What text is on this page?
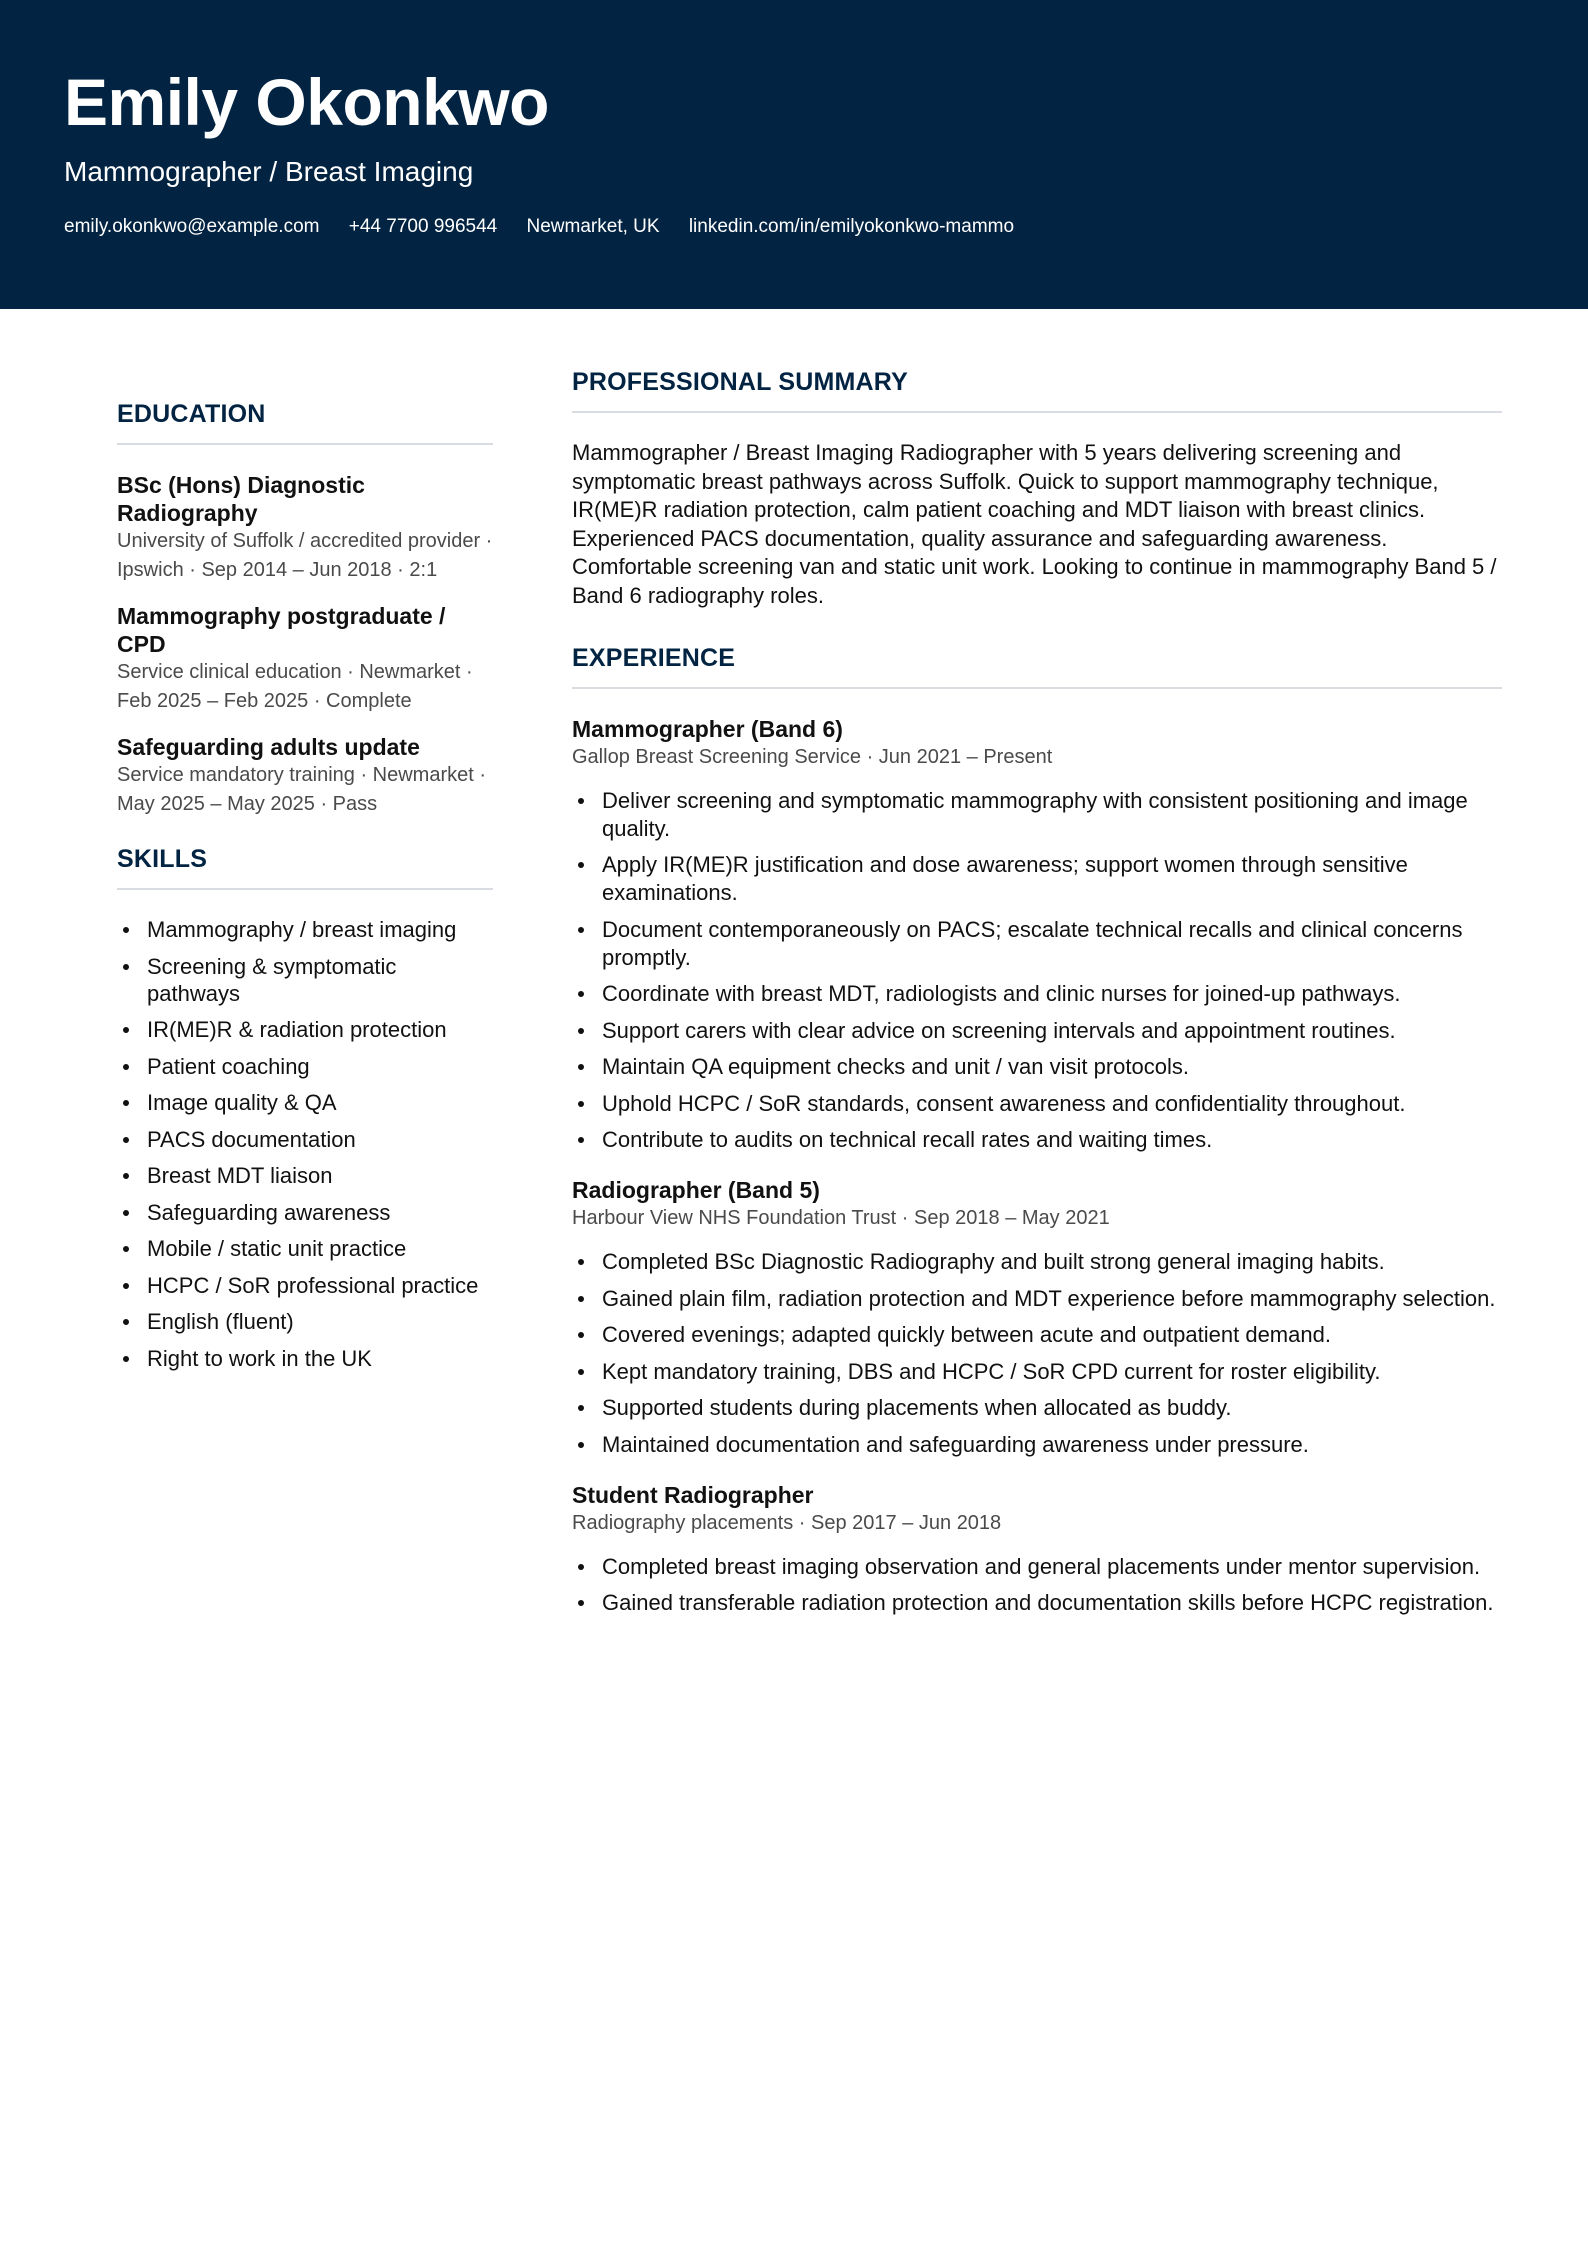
Emily Okonkwo
Mammographer / Breast Imaging
emily.okonkwo@example.com +44 7700 996544 Newmarket, UK linkedin.com/in/emilyokonkwo-mammo
EDUCATION
BSc (Hons) Diagnostic Radiography
University of Suffolk / accredited provider · Ipswich · Sep 2014 – Jun 2018 · 2:1
Mammography postgraduate / CPD
Service clinical education · Newmarket · Feb 2025 – Feb 2025 · Complete
Safeguarding adults update
Service mandatory training · Newmarket · May 2025 – May 2025 · Pass
SKILLS
Mammography / breast imaging
Screening & symptomatic pathways
IR(ME)R & radiation protection
Patient coaching
Image quality & QA
PACS documentation
Breast MDT liaison
Safeguarding awareness
Mobile / static unit practice
HCPC / SoR professional practice
English (fluent)
Right to work in the UK
PROFESSIONAL SUMMARY
Mammographer / Breast Imaging Radiographer with 5 years delivering screening and symptomatic breast pathways across Suffolk. Quick to support mammography technique, IR(ME)R radiation protection, calm patient coaching and MDT liaison with breast clinics. Experienced PACS documentation, quality assurance and safeguarding awareness. Comfortable screening van and static unit work. Looking to continue in mammography Band 5 / Band 6 radiography roles.
EXPERIENCE
Mammographer (Band 6)
Gallop Breast Screening Service · Jun 2021 – Present
Deliver screening and symptomatic mammography with consistent positioning and image quality.
Apply IR(ME)R justification and dose awareness; support women through sensitive examinations.
Document contemporaneously on PACS; escalate technical recalls and clinical concerns promptly.
Coordinate with breast MDT, radiologists and clinic nurses for joined-up pathways.
Support carers with clear advice on screening intervals and appointment routines.
Maintain QA equipment checks and unit / van visit protocols.
Uphold HCPC / SoR standards, consent awareness and confidentiality throughout.
Contribute to audits on technical recall rates and waiting times.
Radiographer (Band 5)
Harbour View NHS Foundation Trust · Sep 2018 – May 2021
Completed BSc Diagnostic Radiography and built strong general imaging habits.
Gained plain film, radiation protection and MDT experience before mammography selection.
Covered evenings; adapted quickly between acute and outpatient demand.
Kept mandatory training, DBS and HCPC / SoR CPD current for roster eligibility.
Supported students during placements when allocated as buddy.
Maintained documentation and safeguarding awareness under pressure.
Student Radiographer
Radiography placements · Sep 2017 – Jun 2018
Completed breast imaging observation and general placements under mentor supervision.
Gained transferable radiation protection and documentation skills before HCPC registration.
